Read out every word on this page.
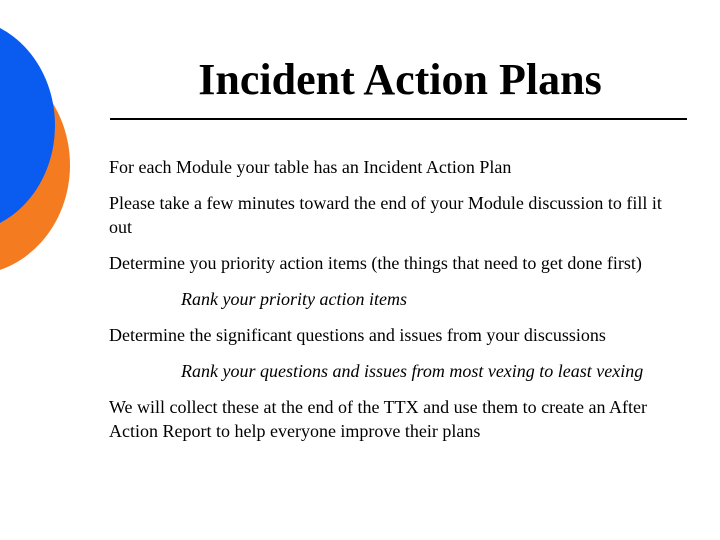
Incident Action Plans

For each Module your table has an Incident Action Plan

Please take a few minutes toward the end of your Module discussion to fill it out

Determine you priority action items (the things that need to get done first)

Rank your priority action items

Determine the significant questions and issues from your discussions

Rank your questions and issues from most vexing to least vexing

We will collect these at the end of the TTX and use them to create an After Action Report to help everyone improve their plans
